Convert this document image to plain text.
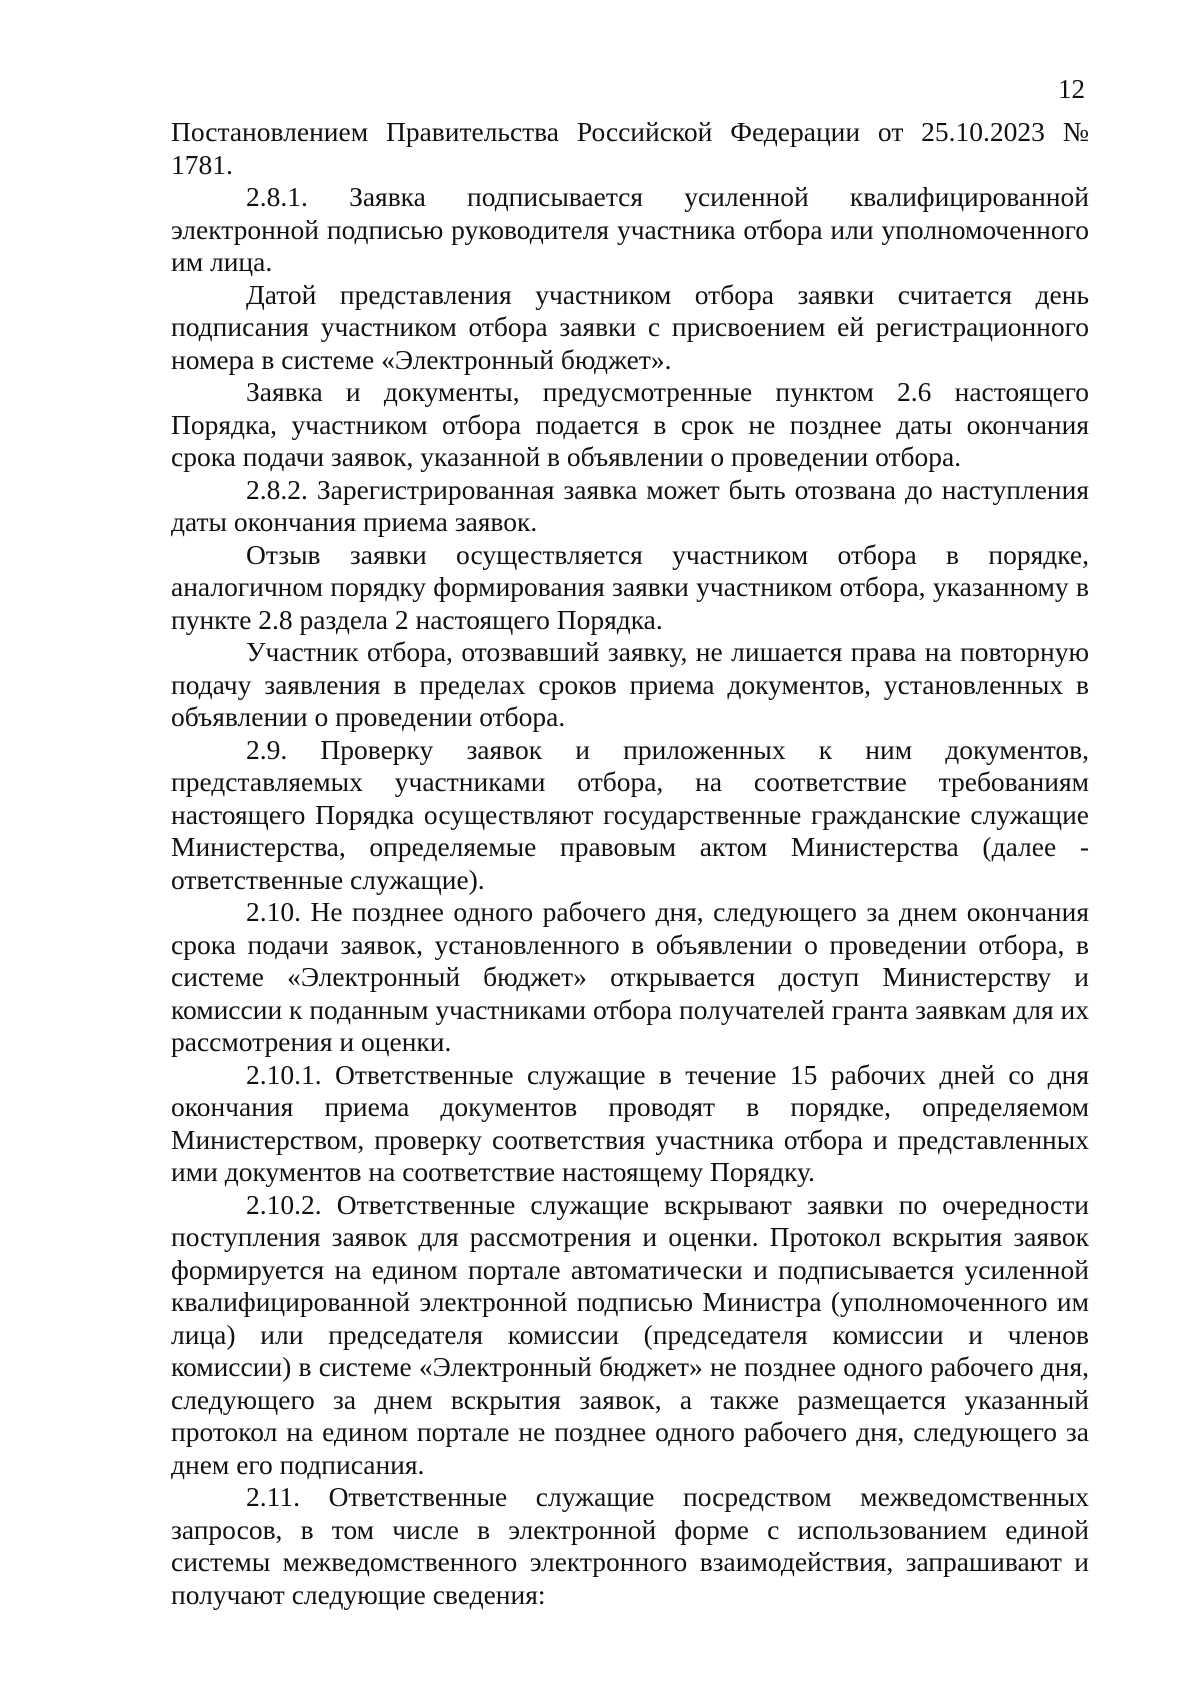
12

Постановлением Правительства Российской Федерации от 25.10.2023 № 1781.

2.8.1. Заявка подписывается усиленной квалифицированной электронной подписью руководителя участника отбора или уполномоченного им лица.

Датой представления участником отбора заявки считается день подписания участником отбора заявки с присвоением ей регистрационного номера в системе «Электронный бюджет».

Заявка и документы, предусмотренные пунктом 2.6 настоящего Порядка, участником отбора подается в срок не позднее даты окончания срока подачи заявок, указанной в объявлении о проведении отбора.

2.8.2. Зарегистрированная заявка может быть отозвана до наступления даты окончания приема заявок.

Отзыв заявки осуществляется участником отбора в порядке, аналогичном порядку формирования заявки участником отбора, указанному в пункте 2.8 раздела 2 настоящего Порядка.

Участник отбора, отозвавший заявку, не лишается права на повторную подачу заявления в пределах сроков приема документов, установленных в объявлении о проведении отбора.

2.9. Проверку заявок и приложенных к ним документов, представляемых участниками отбора, на соответствие требованиям настоящего Порядка осуществляют государственные гражданские служащие Министерства, определяемые правовым актом Министерства (далее - ответственные служащие).

2.10. Не позднее одного рабочего дня, следующего за днем окончания срока подачи заявок, установленного в объявлении о проведении отбора, в системе «Электронный бюджет» открывается доступ Министерству и комиссии к поданным участниками отбора получателей гранта заявкам для их рассмотрения и оценки.

2.10.1. Ответственные служащие в течение 15 рабочих дней со дня окончания приема документов проводят в порядке, определяемом Министерством, проверку соответствия участника отбора и представленных ими документов на соответствие настоящему Порядку.

2.10.2. Ответственные служащие вскрывают заявки по очередности поступления заявок для рассмотрения и оценки. Протокол вскрытия заявок формируется на едином портале автоматически и подписывается усиленной квалифицированной электронной подписью Министра (уполномоченного им лица) или председателя комиссии (председателя комиссии и членов комиссии) в системе «Электронный бюджет» не позднее одного рабочего дня, следующего за днем вскрытия заявок, а также размещается указанный протокол на едином портале не позднее одного рабочего дня, следующего за днем его подписания.

2.11. Ответственные служащие посредством межведомственных запросов, в том числе в электронной форме с использованием единой системы межведомственного электронного взаимодействия, запрашивают и получают следующие сведения:
